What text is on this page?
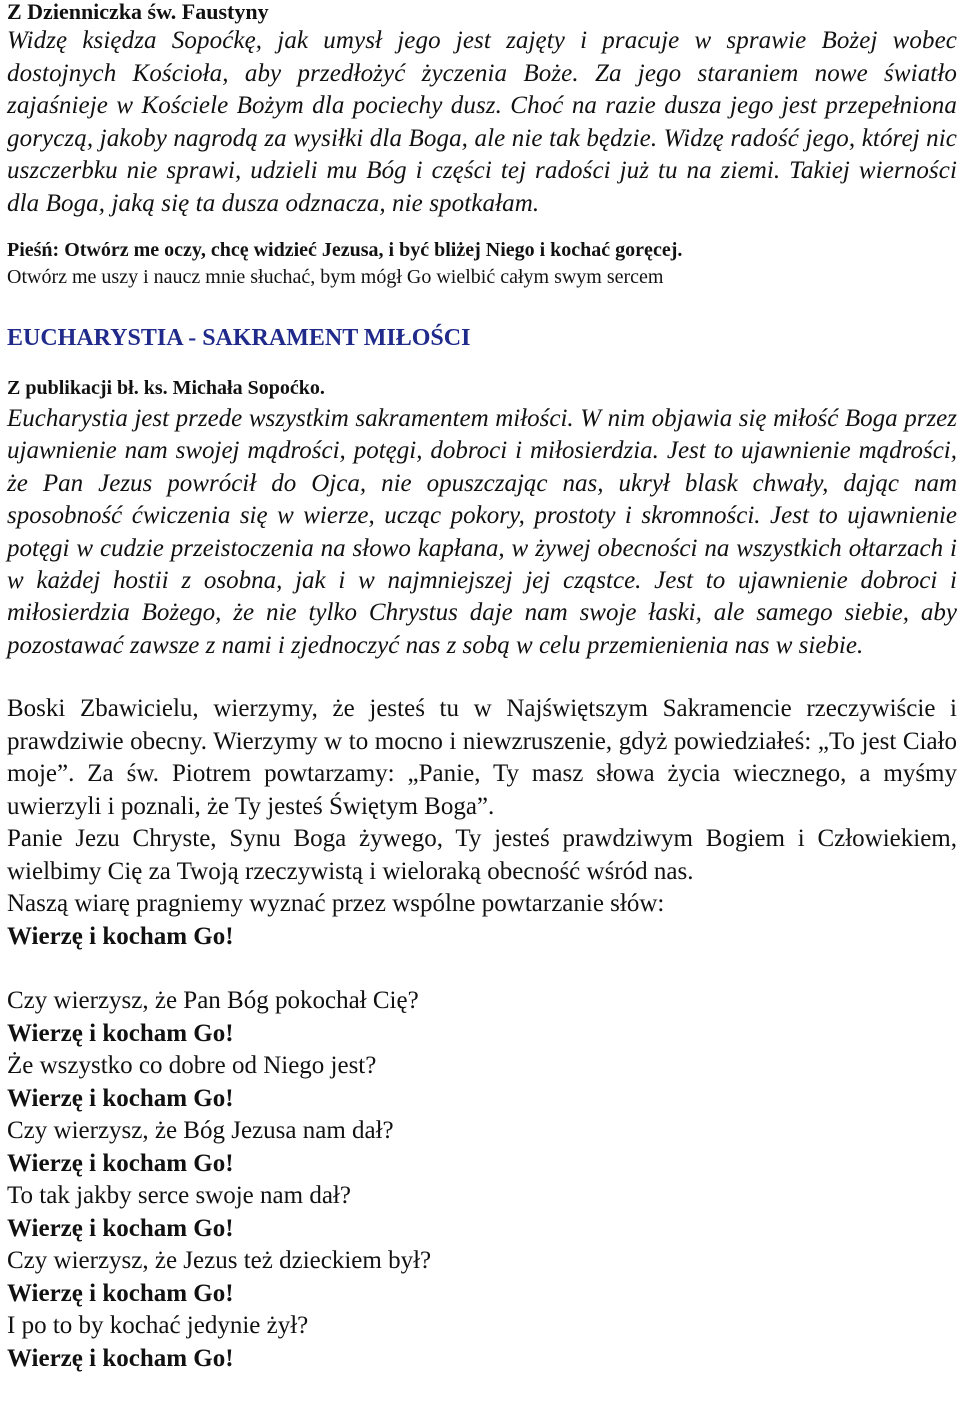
Z Dzienniczka św. Faustyny
Widzę księdza Sopoćkę, jak umysł jego jest zajęty i pracuje w sprawie Bożej wobec dostojnych Kościoła, aby przedłożyć życzenia Boże. Za jego staraniem nowe światło zajaśnieje w Kościele Bożym dla pociechy dusz. Choć na razie dusza jego jest przepełniona goryczą, jakoby nagrodą za wysiłki dla Boga, ale nie tak będzie. Widzę radość jego, której nic uszczerbku nie sprawi, udzieli mu Bóg i części tej radości już tu na ziemi. Takiej wierności dla Boga, jaką się ta dusza odznacza, nie spotkałam.
Pieśń: Otwórz me oczy, chcę widzieć Jezusa, i być bliżej Niego i kochać goręcej.
Otwórz me uszy i naucz mnie słuchać, bym mógł Go wielbić całym swym sercem
EUCHARYSTIA - SAKRAMENT MIŁOŚCI
Z publikacji bł. ks. Michała Sopoćko.
Eucharystia jest przede wszystkim sakramentem miłości. W nim objawia się miłość Boga przez ujawnienie nam swojej mądrości, potęgi, dobroci i miłosierdzia. Jest to ujawnienie mądrości, że Pan Jezus powrócił do Ojca, nie opuszczając nas, ukrył blask chwały, dając nam sposobność ćwiczenia się w wierze, ucząc pokory, prostoty i skromności. Jest to ujawnienie potęgi w cudzie przeistoczenia na słowo kapłana, w żywej obecności na wszystkich ołtarzach i w każdej hostii z osobna, jak i w najmniejszej jej cząstce. Jest to ujawnienie dobroci i miłosierdzia Bożego, że nie tylko Chrystus daje nam swoje łaski, ale samego siebie, aby pozostawać zawsze z nami i zjednoczyć nas z sobą w celu przemienienia nas w siebie.

Boski Zbawicielu, wierzymy, że jesteś tu w Najświętszym Sakramencie rzeczywiście i prawdziwie obecny. Wierzymy w to mocno i niewzruszenie, gdyż powiedziałeś: „To jest Ciało moje”. Za św. Piotrem powtarzamy: „Panie, Ty masz słowa życia wiecznego, a myśmy uwierzyli i poznali, że Ty jesteś Świętym Boga”.

Panie Jezu Chryste, Synu Boga żywego, Ty jesteś prawdziwym Bogiem i Człowiekiem, wielbimy Cię za Twoją rzeczywistą i wieloraką obecność wśród nas.

Naszą wiarę pragniemy wyznać przez wspólne powtarzanie słów:

Wierzę i kocham Go!
Czy wierzysz, że Pan Bóg pokochał Cię?
Wierzę i kocham Go!
Że wszystko co dobre od Niego jest?
Wierzę i kocham Go!
Czy wierzysz, że Bóg Jezusa nam dał?
Wierzę i kocham Go!
To tak jakby serce swoje nam dał?
Wierzę i kocham Go!
Czy wierzysz, że Jezus też dzieckiem był?
Wierzę i kocham Go!
I po to by kochać jedynie żył?
Wierzę i kocham Go!
